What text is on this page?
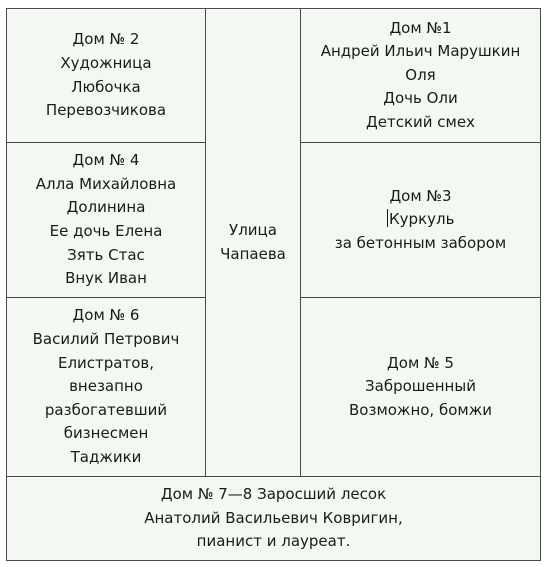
Дом № 2
Художница
Любочка
Перевозчикова
Дом № 4
Алла Михайловна
Долинина
Ее дочь Елена
Зять Стас
Внук Иван
Дом № 6
Василий Петрович
Елистратов,
внезапно
разбогатевший
бизнесмен
Таджики
Улица
Чапаева
Дом №1
Андрей Ильич Марушкин
Оля
Дочь Оли
Детский смех
Дом №3
Куркуль
за бетонным забором
Дом № 5
Заброшенный
Возможно, бомжи
Дом № 7—8 Заросший лесок
Анатолий Васильевич Ковригин,
пианист и лауреат.
